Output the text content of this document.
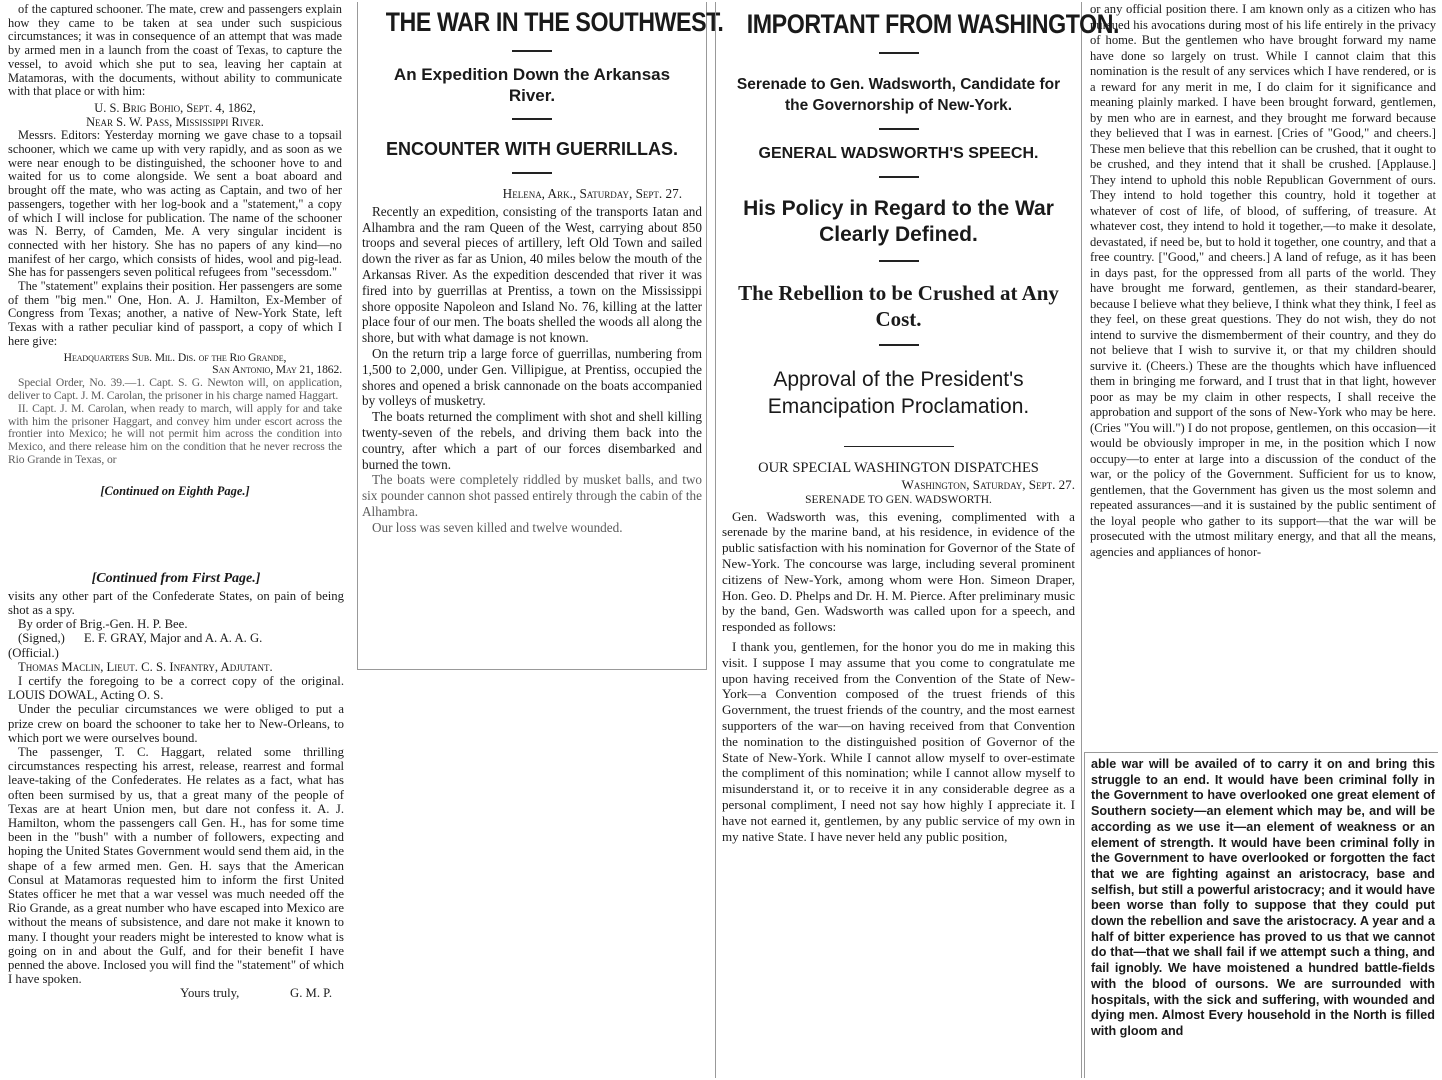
of the captured schooner. The mate, crew and passengers explain how they came to be taken at sea under such suspicious circumstances; it was in consequence of an attempt that was made by armed men in a launch from the coast of Texas, to capture the vessel, to avoid which she put to sea, leaving her captain at Matamoras, with the documents, without ability to communicate with that place or with him:

U. S. Brig Bohio, Sept. 4, 1862,

Near S. W. Pass, Mississippi River.

Messrs. Editors: Yesterday morning we gave chase to a topsail schooner, which we came up with very rapidly, and as soon as we were near enough to be distinguished, the schooner hove to and waited for us to come alongside. We sent a boat aboard and brought off the mate, who was acting as Captain, and two of her passengers, together with her log-book and a "statement," a copy of which I will inclose for publication. The name of the schooner was N. Berry, of Camden, Me. A very singular incident is connected with her history. She has no papers of any kind—no manifest of her cargo, which consists of hides, wool and pig-lead. She has for passengers seven political refugees from "secessdom."

The "statement" explains their position. Her passengers are some of them "big men." One, Hon. A. J. Hamilton, Ex-Member of Congress from Texas; another, a native of New-York State, left Texas with a rather peculiar kind of passport, a copy of which I here give:

Headquarters Sub. Mil. Dis. of the Rio Grande,

San Antonio, May 21, 1862.

Special Order, No. 39.—1. Capt. S. G. Newton will, on application, deliver to Capt. J. M. Carolan, the prisoner in his charge named Haggart.

II. Capt. J. M. Carolan, when ready to march, will apply for and take with him the prisoner Haggart, and convey him under escort across the frontier into Mexico; he will not permit him across the condition into Mexico, and there release him on the condition that he never recross the Rio Grande in Texas, or

[Continued on Eighth Page.]

[Continued from First Page.]

visits any other part of the Confederate States, on pain of being shot as a spy.

By order of Brig.-Gen. H. P. Bee.

(Signed,)      E. F. GRAY, Major and A. A. A. G.

(Official.)

Thomas Maclin, Lieut. C. S. Infantry, Adjutant.

I certify the foregoing to be a correct copy of the original.      LOUIS DOWAL, Acting O. S.

Under the peculiar circumstances we were obliged to put a prize crew on board the schooner to take her to New-Orleans, to which port we were ourselves bound.

The passenger, T. C. Haggart, related some thrilling circumstances respecting his arrest, release, rearrest and formal leave-taking of the Confederates. He relates as a fact, what has often been surmised by us, that a great many of the people of Texas are at heart Union men, but dare not confess it. A. J. Hamilton, whom the passengers call Gen. H., has for some time been in the "bush" with a number of followers, expecting and hoping the United States Government would send them aid, in the shape of a few armed men. Gen. H. says that the American Consul at Matamoras requested him to inform the first United States officer he met that a war vessel was much needed off the Rio Grande, as a great number who have escaped into Mexico are without the means of subsistence, and dare not make it known to many. I thought your readers might be interested to know what is going on in and about the Gulf, and for their benefit I have penned the above. Inclosed you will find the "statement" of which I have spoken.

Yours truly,                G. M. P.

THE WAR IN THE SOUTHWEST.
An Expedition Down the Arkansas River.
ENCOUNTER WITH GUERRILLAS.

Helena, Ark., Saturday, Sept. 27.

Recently an expedition, consisting of the transports Iatan and Alhambra and the ram Queen of the West, carrying about 850 troops and several pieces of artillery, left Old Town and sailed down the river as far as Union, 40 miles below the mouth of the Arkansas River. As the expedition descended that river it was fired into by guerrillas at Prentiss, a town on the Mississippi shore opposite Napoleon and Island No. 76, killing at the latter place four of our men. The boats shelled the woods all along the shore, but with what damage is not known.

On the return trip a large force of guerrillas, numbering from 1,500 to 2,000, under Gen. Villipigue, at Prentiss, occupied the shores and opened a brisk cannonade on the boats accompanied by volleys of musketry.

The boats returned the compliment with shot and shell killing twenty-seven of the rebels, and driving them back into the country, after which a part of our forces disembarked and burned the town.

The boats were completely riddled by musket balls, and two six pounder cannon shot passed entirely through the cabin of the Alhambra.

Our loss was seven killed and twelve wounded.

IMPORTANT FROM WASHINGTON.
Serenade to Gen. Wadsworth, Candidate for the Governorship of New-York.
GENERAL WADSWORTH'S SPEECH.
His Policy in Regard to the War Clearly Defined.
The Rebellion to be Crushed at Any Cost.
Approval of the President's Emancipation Proclamation.
OUR SPECIAL WASHINGTON DISPATCHES

Washington, Saturday, Sept. 27.

SERENADE TO GEN. WADSWORTH.

Gen. Wadsworth was, this evening, complimented with a serenade by the marine band, at his residence, in evidence of the public satisfaction with his nomination for Governor of the State of New-York. The concourse was large, including several prominent citizens of New-York, among whom were Hon. Simeon Draper, Hon. Geo. D. Phelps and Dr. H. M. Pierce. After preliminary music by the band, Gen. Wadsworth was called upon for a speech, and responded as follows:

I thank you, gentlemen, for the honor you do me in making this visit. I suppose I may assume that you come to congratulate me upon having received from the Convention of the State of New-York—a Convention composed of the truest friends of this Government, the truest friends of the country, and the most earnest supporters of the war—on having received from that Convention the nomination to the distinguished position of Governor of the State of New-York. While I cannot allow myself to over-estimate the compliment of this nomination; while I cannot allow myself to misunderstand it, or to receive it in any considerable degree as a personal compliment, I need not say how highly I appreciate it. I have not earned it, gentlemen, by any public service of my own in my native State. I have never held any public position,

or any official position there. I am known only as a citizen who has pursued his avocations during most of his life entirely in the privacy of home. But the gentlemen who have brought forward my name have done so largely on trust. While I cannot claim that this nomination is the result of any services which I have rendered, or is a reward for any merit in me, I do claim for it significance and meaning plainly marked. I have been brought forward, gentlemen, by men who are in earnest, and they brought me forward because they believed that I was in earnest. [Cries of "Good," and cheers.] These men believe that this rebellion can be crushed, that it ought to be crushed, and they intend that it shall be crushed. [Applause.] They intend to uphold this noble Republican Government of ours. They intend to hold together this country, hold it together at whatever of cost of life, of blood, of suffering, of treasure. At whatever cost, they intend to hold it together,—to make it desolate, devastated, if need be, but to hold it together, one country, and that a free country. ["Good," and cheers.] A land of refuge, as it has been in days past, for the oppressed from all parts of the world. They have brought me forward, gentlemen, as their standard-bearer, because I believe what they believe, I think what they think, I feel as they feel, on these great questions. They do not wish, they do not intend to survive the dismemberment of their country, and they do not believe that I wish to survive it, or that my children should survive it. (Cheers.) These are the thoughts which have influenced them in bringing me forward, and I trust that in that light, however poor as may be my claim in other respects, I shall receive the approbation and support of the sons of New-York who may be here. (Cries "You will.") I do not propose, gentlemen, on this occasion—it would be obviously improper in me, in the position which I now occupy—to enter at large into a discussion of the conduct of the war, or the policy of the Government. Sufficient for us to know, gentlemen, that the Government has given us the most solemn and repeated assurances—and it is sustained by the public sentiment of the loyal people who gather to its support—that the war will be prosecuted with the utmost military energy, and that all the means, agencies and appliances of honor-

able war will be availed of to carry it on and bring this struggle to an end. It would have been criminal folly in the Government to have overlooked one great element of Southern society—an element which may be, and will be according as we use it—an element of weakness or an element of strength. It would have been criminal folly in the Government to have overlooked or forgotten the fact that we are fighting against an aristocracy, base and selfish, but still a powerful aristocracy; and it would have been worse than folly to suppose that they could put down the rebellion and save the aristocracy. A year and a half of bitter experience has proved to us that we cannot do that—that we shall fail if we attempt such a thing, and fail ignobly. We have moistened a hundred battle-fields with the blood of oursons. We are surrounded with hospitals, with the sick and suffering, with wounded and dying men. Almost Every household in the North is filled with gloom and
